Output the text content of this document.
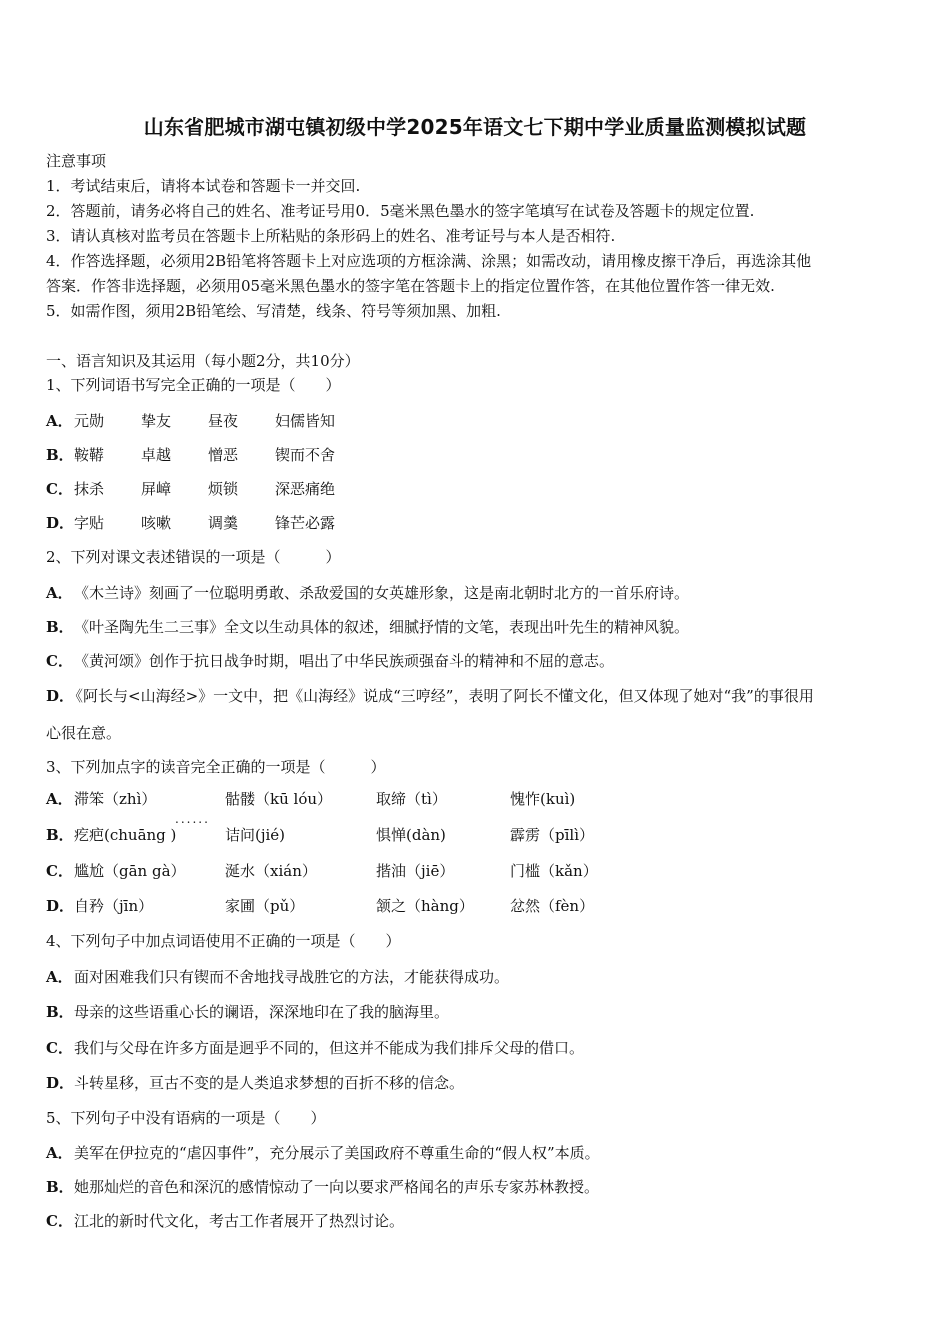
山东省肥城市湖屯镇初级中学2025年语文七下期中学业质量监测模拟试题
注意事项
1．考试结束后，请将本试卷和答题卡一并交回.
2．答题前，请务必将自己的姓名、准考证号用0．5毫米黑色墨水的签字笔填写在试卷及答题卡的规定位置.
3．请认真核对监考员在答题卡上所粘贴的条形码上的姓名、准考证号与本人是否相符.
4．作答选择题，必须用2B铅笔将答题卡上对应选项的方框涂满、涂黑；如需改动，请用橡皮擦干净后，再选涂其他
答案．作答非选择题，必须用05毫米黑色墨水的签字笔在答题卡上的指定位置作答，在其他位置作答一律无效.
5．如需作图，须用2B铅笔绘、写清楚，线条、符号等须加黑、加粗.
一、语言知识及其运用（每小题2分，共10分）
1、下列词语书写完全正确的一项是（　　）
A． 元勋 挚友 昼夜 妇儒皆知
B． 鞍鞯 卓越 憎恶 锲而不舍
C． 抹杀 屏嶂 烦锁 深恶痛绝
D． 字贴 咳嗽 调羹 锋芒必露
2、下列对课文表述错误的一项是（　　　）
A．《木兰诗》刻画了一位聪明勇敢、杀敌爱国的女英雄形象，这是南北朝时北方的一首乐府诗。
B．《叶圣陶先生二三事》全文以生动具体的叙述，细腻抒情的文笔，表现出叶先生的精神风貌。
C．《黄河颂》创作于抗日战争时期，唱出了中华民族顽强奋斗的精神和不屈的意志。
D．《阿长与<山海经>》一文中，把《山海经》说成“三哼经”，表明了阿长不懂文化，但又体现了她对“我”的事很用
心很在意。
3、下列加点字的读音完全正确的一项是（　　　）
A． 滞笨（zhì）	骷髅（kū lóu）	取缔（tì）	愧怍(kuì)
......
B． 疙疤(chuāng )	诘问(jié)	惧惮(dàn)	霹雳（pīlì）
C． 尴尬（gān gà）	涎水（xián）	揩油（jiē）	门槛（kǎn）
D． 自矜（jīn）	家圃（pǔ）	颔之（hàng） 忿然（fèn）
4、下列句子中加点词语使用不正确的一项是（　　）
A．面对困难我们只有锲而不舍地找寻战胜它的方法，才能获得成功。
B．母亲的这些语重心长的谰语，深深地印在了我的脑海里。
C．我们与父母在许多方面是迥乎不同的，但这并不能成为我们排斥父母的借口。
D．斗转星移，亘古不变的是人类追求梦想的百折不移的信念。
5、下列句子中没有语病的一项是（　　）
A．美军在伊拉克的“虐囚事件”，充分展示了美国政府不尊重生命的“假人权”本质。
B．她那灿烂的音色和深沉的感情惊动了一向以要求严格闻名的声乐专家苏林教授。
C．江北的新时代文化，考古工作者展开了热烈讨论。
